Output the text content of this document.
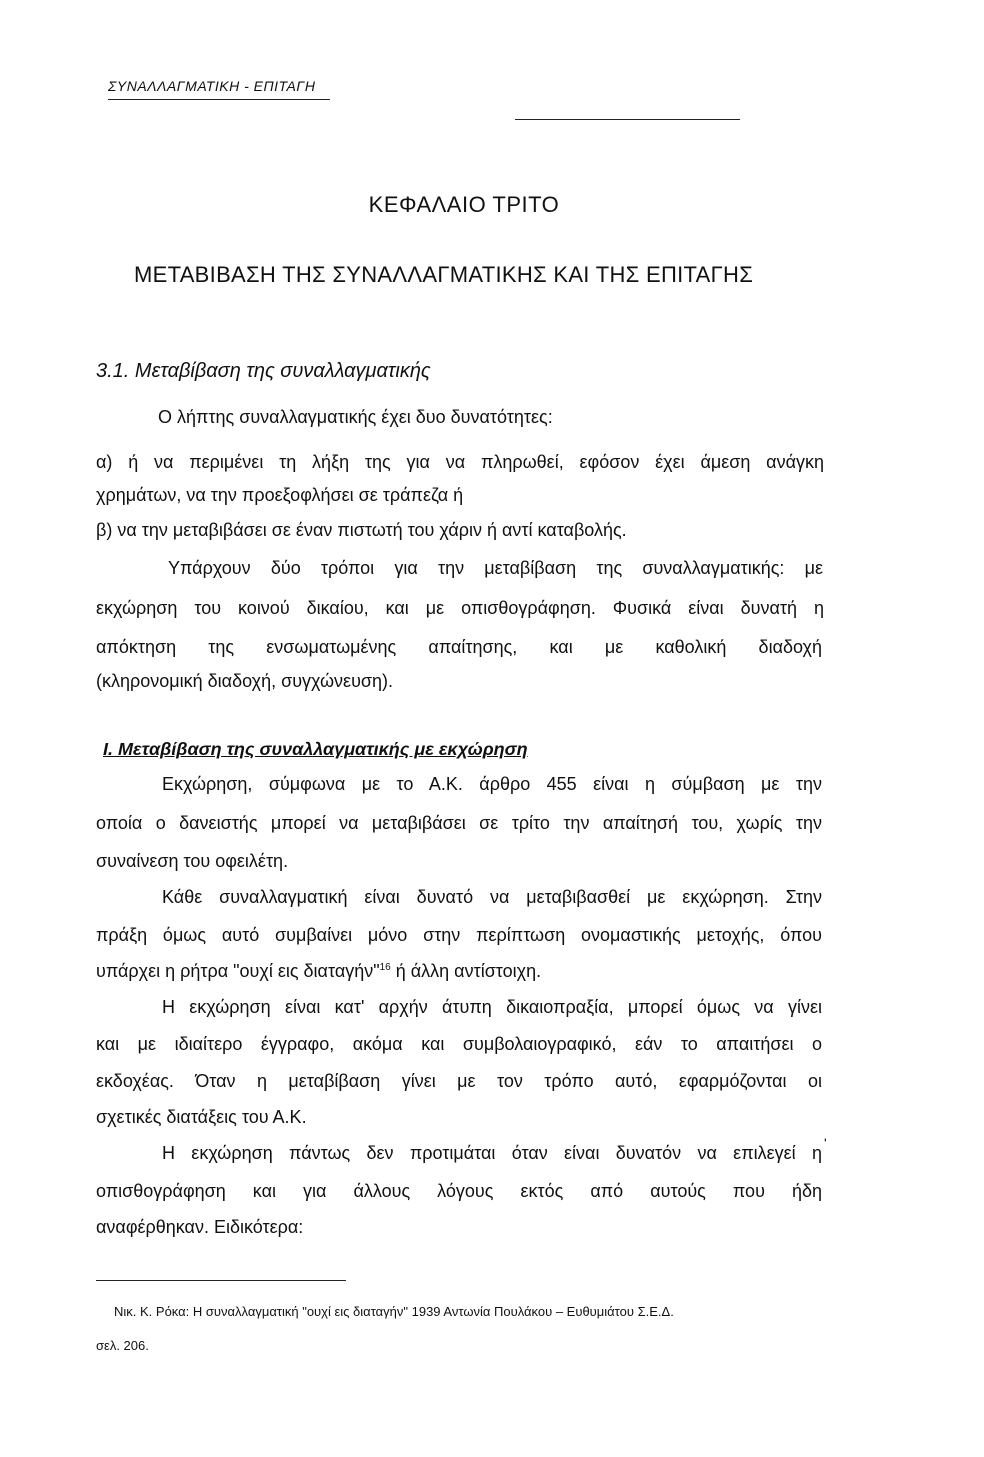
ΣΥΝΑΛΛΑΓΜΑΤΙΚΗ - ΕΠΙΤΑΓΗ
ΚΕΦΑΛΑΙΟ ΤΡΙΤΟ
ΜΕΤΑΒΙΒΑΣΗ ΤΗΣ ΣΥΝΑΛΛΑΓΜΑΤΙΚΗΣ ΚΑΙ ΤΗΣ ΕΠΙΤΑΓΗΣ
3.1. Μεταβίβαση της συναλλαγματικής
Ο λήπτης συναλλαγματικής έχει δυο δυνατότητες:
α) ή να περιμένει τη λήξη της για να πληρωθεί, εφόσον έχει άμεση ανάγκη
χρημάτων, να την προεξοφλήσει σε τράπεζα ή
β) να την μεταβιβάσει σε έναν πιστωτή του χάριν ή αντί καταβολής.
Υπάρχουν δύο τρόποι για την μεταβίβαση της συναλλαγματικής: με
εκχώρηση του κοινού δικαίου, και με οπισθογράφηση. Φυσικά είναι δυνατή η
απόκτηση της ενσωματωμένης απαίτησης, και με καθολική διαδοχή
(κληρονομική διαδοχή, συγχώνευση).
Ι. Μεταβίβαση της συναλλαγματικής με εκχώρηση
Εκχώρηση, σύμφωνα με το Α.Κ. άρθρο 455 είναι η σύμβαση με την
οποία ο δανειστής μπορεί να μεταβιβάσει σε τρίτο την απαίτησή του, χωρίς την
συναίνεση του οφειλέτη.
Κάθε συναλλαγματική είναι δυνατό να μεταβιβασθεί με εκχώρηση. Στην
πράξη όμως αυτό συμβαίνει μόνο στην περίπτωση ονομαστικής μετοχής, όπου
υπάρχει η ρήτρα "ουχί εις διαταγήν"$^{16}$ ή άλλη αντίστοιχη.
Η εκχώρηση είναι κατ' αρχήν άτυπη δικαιοπραξία, μπορεί όμως να γίνει
και με ιδιαίτερο έγγραφο, ακόμα και συμβολαιογραφικό, εάν το απαιτήσει ο
εκδοχέας. Όταν η μεταβίβαση γίνει με τον τρόπο αυτό, εφαρμόζονται οι
σχετικές διατάξεις του Α.Κ.
'
Η εκχώρηση πάντως δεν προτιμάται όταν είναι δυνατόν να επιλεγεί η
οπισθογράφηση και για άλλους λόγους εκτός από αυτούς που ήδη
αναφέρθηκαν. Ειδικότερα:
Νικ. Κ. Ρόκα: Η συναλλαγματική "ουχί εις διαταγήν" 1939 Αντωνία Πουλάκου – Ευθυμιάτου Σ.Ε.Δ.
σελ. 206.
